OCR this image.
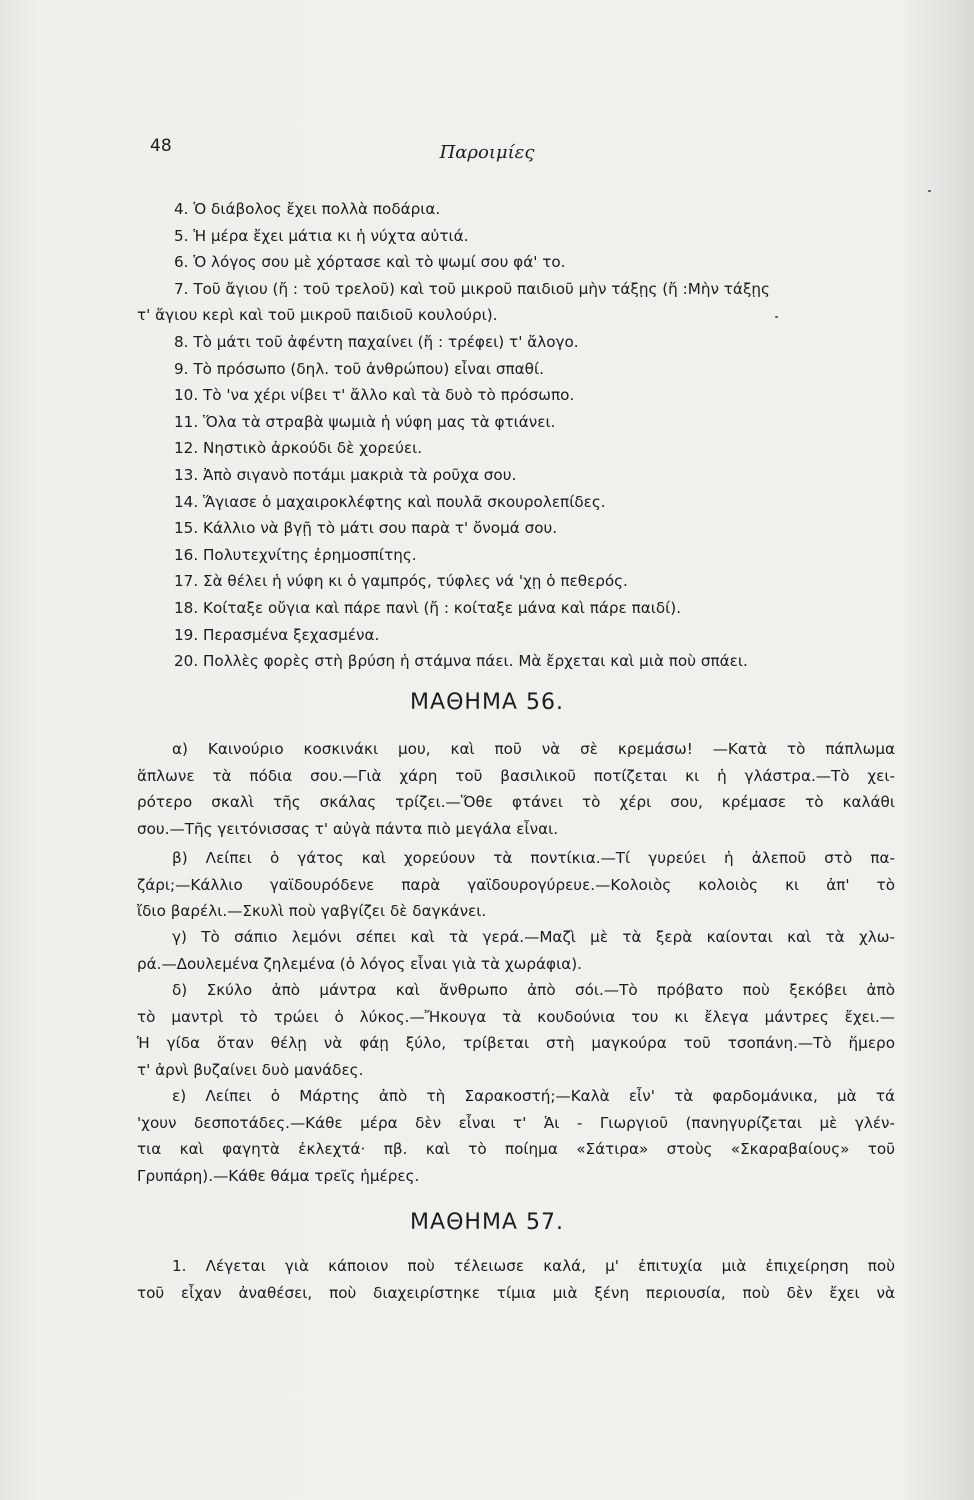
48	Παροιμίες
4. Ὁ διάβολος ἔχει πολλὰ ποδάρια.
5. Ἡ μέρα ἔχει μάτια κι ἡ νύχτα αὐτιά.
6. Ὁ λόγος σου μὲ χόρτασε καὶ τὸ ψωμί σου φά' το.
7. Τοῦ ἄγιου (ἤ : τοῦ τρελοῦ) καὶ τοῦ μικροῦ παιδιοῦ μὴν τάξῃς (ἤ :Μὴν τάξῃς
τ' ἄγιου κερὶ καὶ τοῦ μικροῦ παιδιοῦ κουλούρι).
8. Τὸ μάτι τοῦ ἀφέντη παχαίνει (ἤ : τρέφει) τ' ἄλογο.
9. Τὸ πρόσωπο (δηλ. τοῦ ἀνθρώπου) εἶναι σπαθί.
10. Τὸ 'να χέρι νίβει τ' ἄλλο καὶ τὰ δυὸ τὸ πρόσωπο.
11. Ὅλα τὰ στραβὰ ψωμιὰ ἡ νύφη μας τὰ φτιάνει.
12. Νηστικὸ ἀρκούδι δὲ χορεύει.
13. Ἀπὸ σιγανὸ ποτάμι μακριὰ τὰ ροῦχα σου.
14. Ἅγιασε ὁ μαχαιροκλέφτης καὶ πουλᾶ σκουρολεπίδες.
15. Κάλλιο νὰ βγῇ τὸ μάτι σου παρὰ τ' ὄνομά σου.
16. Πολυτεχνίτης ἐρημοσπίτης.
17. Σὰ θέλει ἡ νύφη κι ὁ γαμπρός, τύφλες νά 'χῃ ὁ πεθερός.
18. Κοίταξε οὔγια καὶ πάρε πανὶ (ἤ : κοίταξε μάνα καὶ πάρε παιδί).
19. Περασμένα ξεχασμένα.
20. Πολλὲς φορὲς στὴ βρύση ἡ στάμνα πάει. Μὰ ἔρχεται καὶ μιὰ ποὺ σπάει.
ΜΑΘΗΜΑ 56.
α) Καινούριο κοσκινάκι μου, καὶ ποῦ νὰ σὲ κρεμάσω! —Κατὰ τὸ πάπλωμα
ἅπλωνε τὰ πόδια σου.—Γιὰ χάρη τοῦ βασιλικοῦ ποτίζεται κι ἡ γλάστρα.—Τὸ χει-
ρότερο σκαλὶ τῆς σκάλας τρίζει.—Ὅθε φτάνει τὸ χέρι σου, κρέμασε τὸ καλάθι
σου.—Τῆς γειτόνισσας τ' αὐγὰ πάντα πιὸ μεγάλα εἶναι.
β) Λείπει ὁ γάτος καὶ χορεύουν τὰ ποντίκια.—Τί γυρεύει ἡ ἀλεποῦ στὸ πα-
ζάρι;—Κάλλιο γαϊδουρόδενε παρὰ γαϊδουρογύρευε.—Κολοιὸς κολοιὸς κι ἀπ' τὸ
ἴδιο βαρέλι.—Σκυλὶ ποὺ γαβγίζει δὲ δαγκάνει.
γ) Τὸ σάπιο λεμόνι σέπει καὶ τὰ γερά.—Μαζὶ μὲ τὰ ξερὰ καίονται καὶ τὰ χλω-
ρά.—Δουλεμένα ζηλεμένα (ὁ λόγος εἶναι γιὰ τὰ χωράφια).
δ) Σκύλο ἀπὸ μάντρα καὶ ἄνθρωπο ἀπὸ σόι.—Τὸ πρόβατο ποὺ ξεκόβει ἀπὸ
τὸ μαντρὶ τὸ τρώει ὁ λύκος.—Ἤκουγα τὰ κουδούνια του κι ἔλεγα μάντρες ἔχει.—
Ἡ γίδα ὅταν θέλῃ νὰ φάῃ ξύλο, τρίβεται στὴ μαγκούρα τοῦ τσοπάνη.—Τὸ ἥμερο
τ' ἀρνὶ βυζαίνει δυὸ μανάδες.
ε) Λείπει ὁ Μάρτης ἀπὸ τὴ Σαρακοστή;—Καλὰ εἶν' τὰ φαρδομάνικα, μὰ τά
'χουν δεσποτάδες.—Κάθε μέρα δὲν εἶναι τ' Ἁι - Γιωργιοῦ (πανηγυρίζεται μὲ γλέν-
τια καὶ φαγητὰ ἐκλεχτά· πβ. καὶ τὸ ποίημα «Σάτιρα» στοὺς «Σκαραβαίους» τοῦ
Γρυπάρη).—Κάθε θάμα τρεῖς ἡμέρες.
ΜΑΘΗΜΑ 57.
1. Λέγεται γιὰ κάποιον ποὺ τέλειωσε καλά, μ' ἐπιτυχία μιὰ ἐπιχείρηση ποὺ
τοῦ εἶχαν ἀναθέσει, ποὺ διαχειρίστηκε τίμια μιὰ ξένη περιουσία, ποὺ δὲν ἔχει νὰ
